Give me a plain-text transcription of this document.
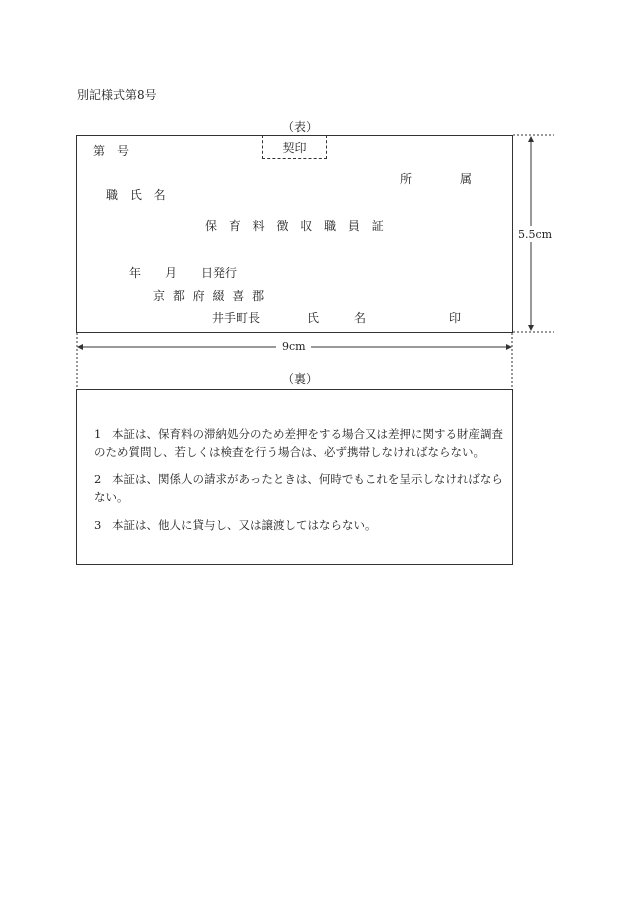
別記様式第8号
（表）
第　号	契印
所	属
職 氏 名
保 育 料 徴 収 職 員 証
年　　月　　日発行
京 都 府 綴 喜 郡
井手町長	氏	名	印
5.5cm
9cm
（裏）
1 本証は、保育料の滞納処分のため差押をする場合又は差押に関する財産調査のため質問し、若しくは検査を行う場合は、必ず携帯しなければならない。
2 本証は、関係人の請求があったときは、何時でもこれを呈示しなければならない。
3 本証は、他人に貸与し、又は譲渡してはならない。
